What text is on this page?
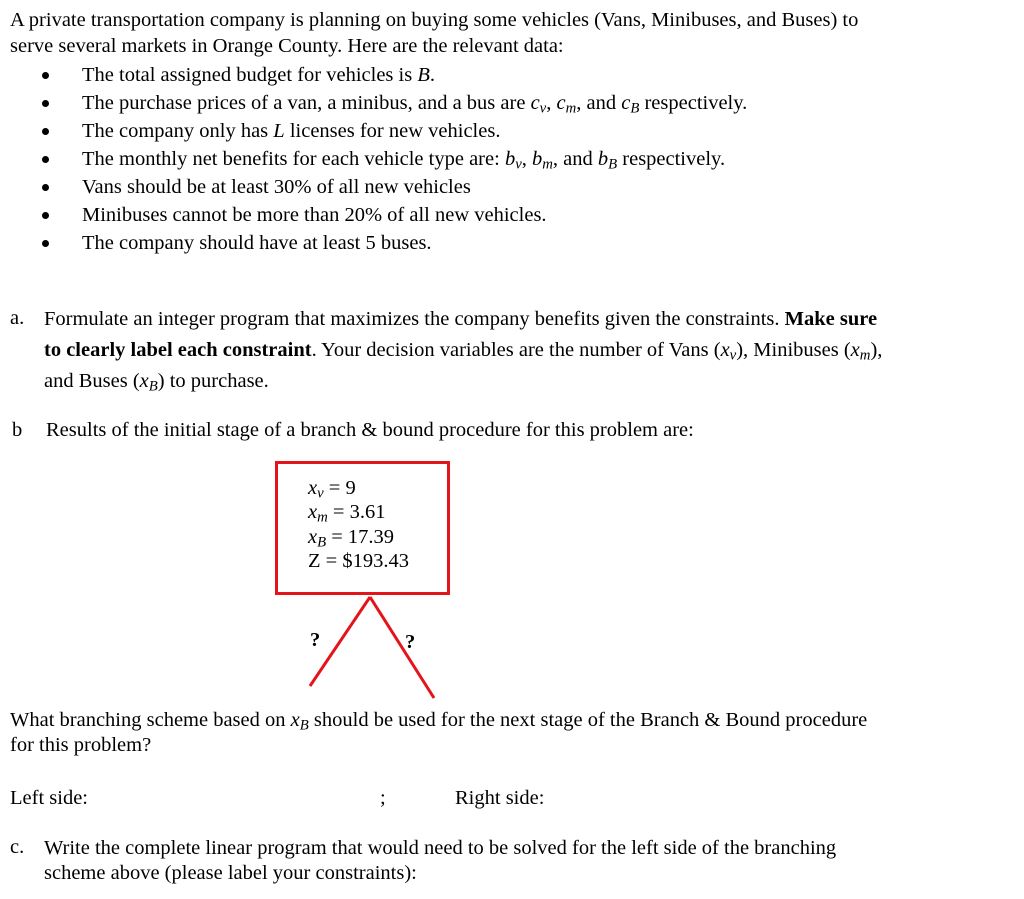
A private transportation company is planning on buying some vehicles (Vans, Minibuses, and Buses) to
serve several markets in Orange County. Here are the relevant data:
The total assigned budget for vehicles is B.
The purchase prices of a van, a minibus, and a bus are $c_v$, $c_m$, and $c_B$ respectively.
The company only has L licenses for new vehicles.
The monthly net benefits for each vehicle type are: $b_v$, $b_m$, and $b_B$ respectively.
Vans should be at least 30% of all new vehicles
Minibuses cannot be more than 20% of all new vehicles.
The company should have at least 5 buses.
a. Formulate an integer program that maximizes the company benefits given the constraints. Make sure
to clearly label each constraint. Your decision variables are the number of Vans $(x_v)$, Minibuses $(x_m)$,
and Buses $(x_B)$ to purchase.
b Results of the initial stage of a branch & bound procedure for this problem are:
$x_v = 9$
$x_m = 3.61$
$x_B = 17.39$
Z = $193.43
?	?
What branching scheme based on $x_B$ should be used for the next stage of the Branch & Bound procedure
for this problem?
Left side:	;	Right side:
c. Write the complete linear program that would need to be solved for the left side of the branching
scheme above (please label your constraints):
